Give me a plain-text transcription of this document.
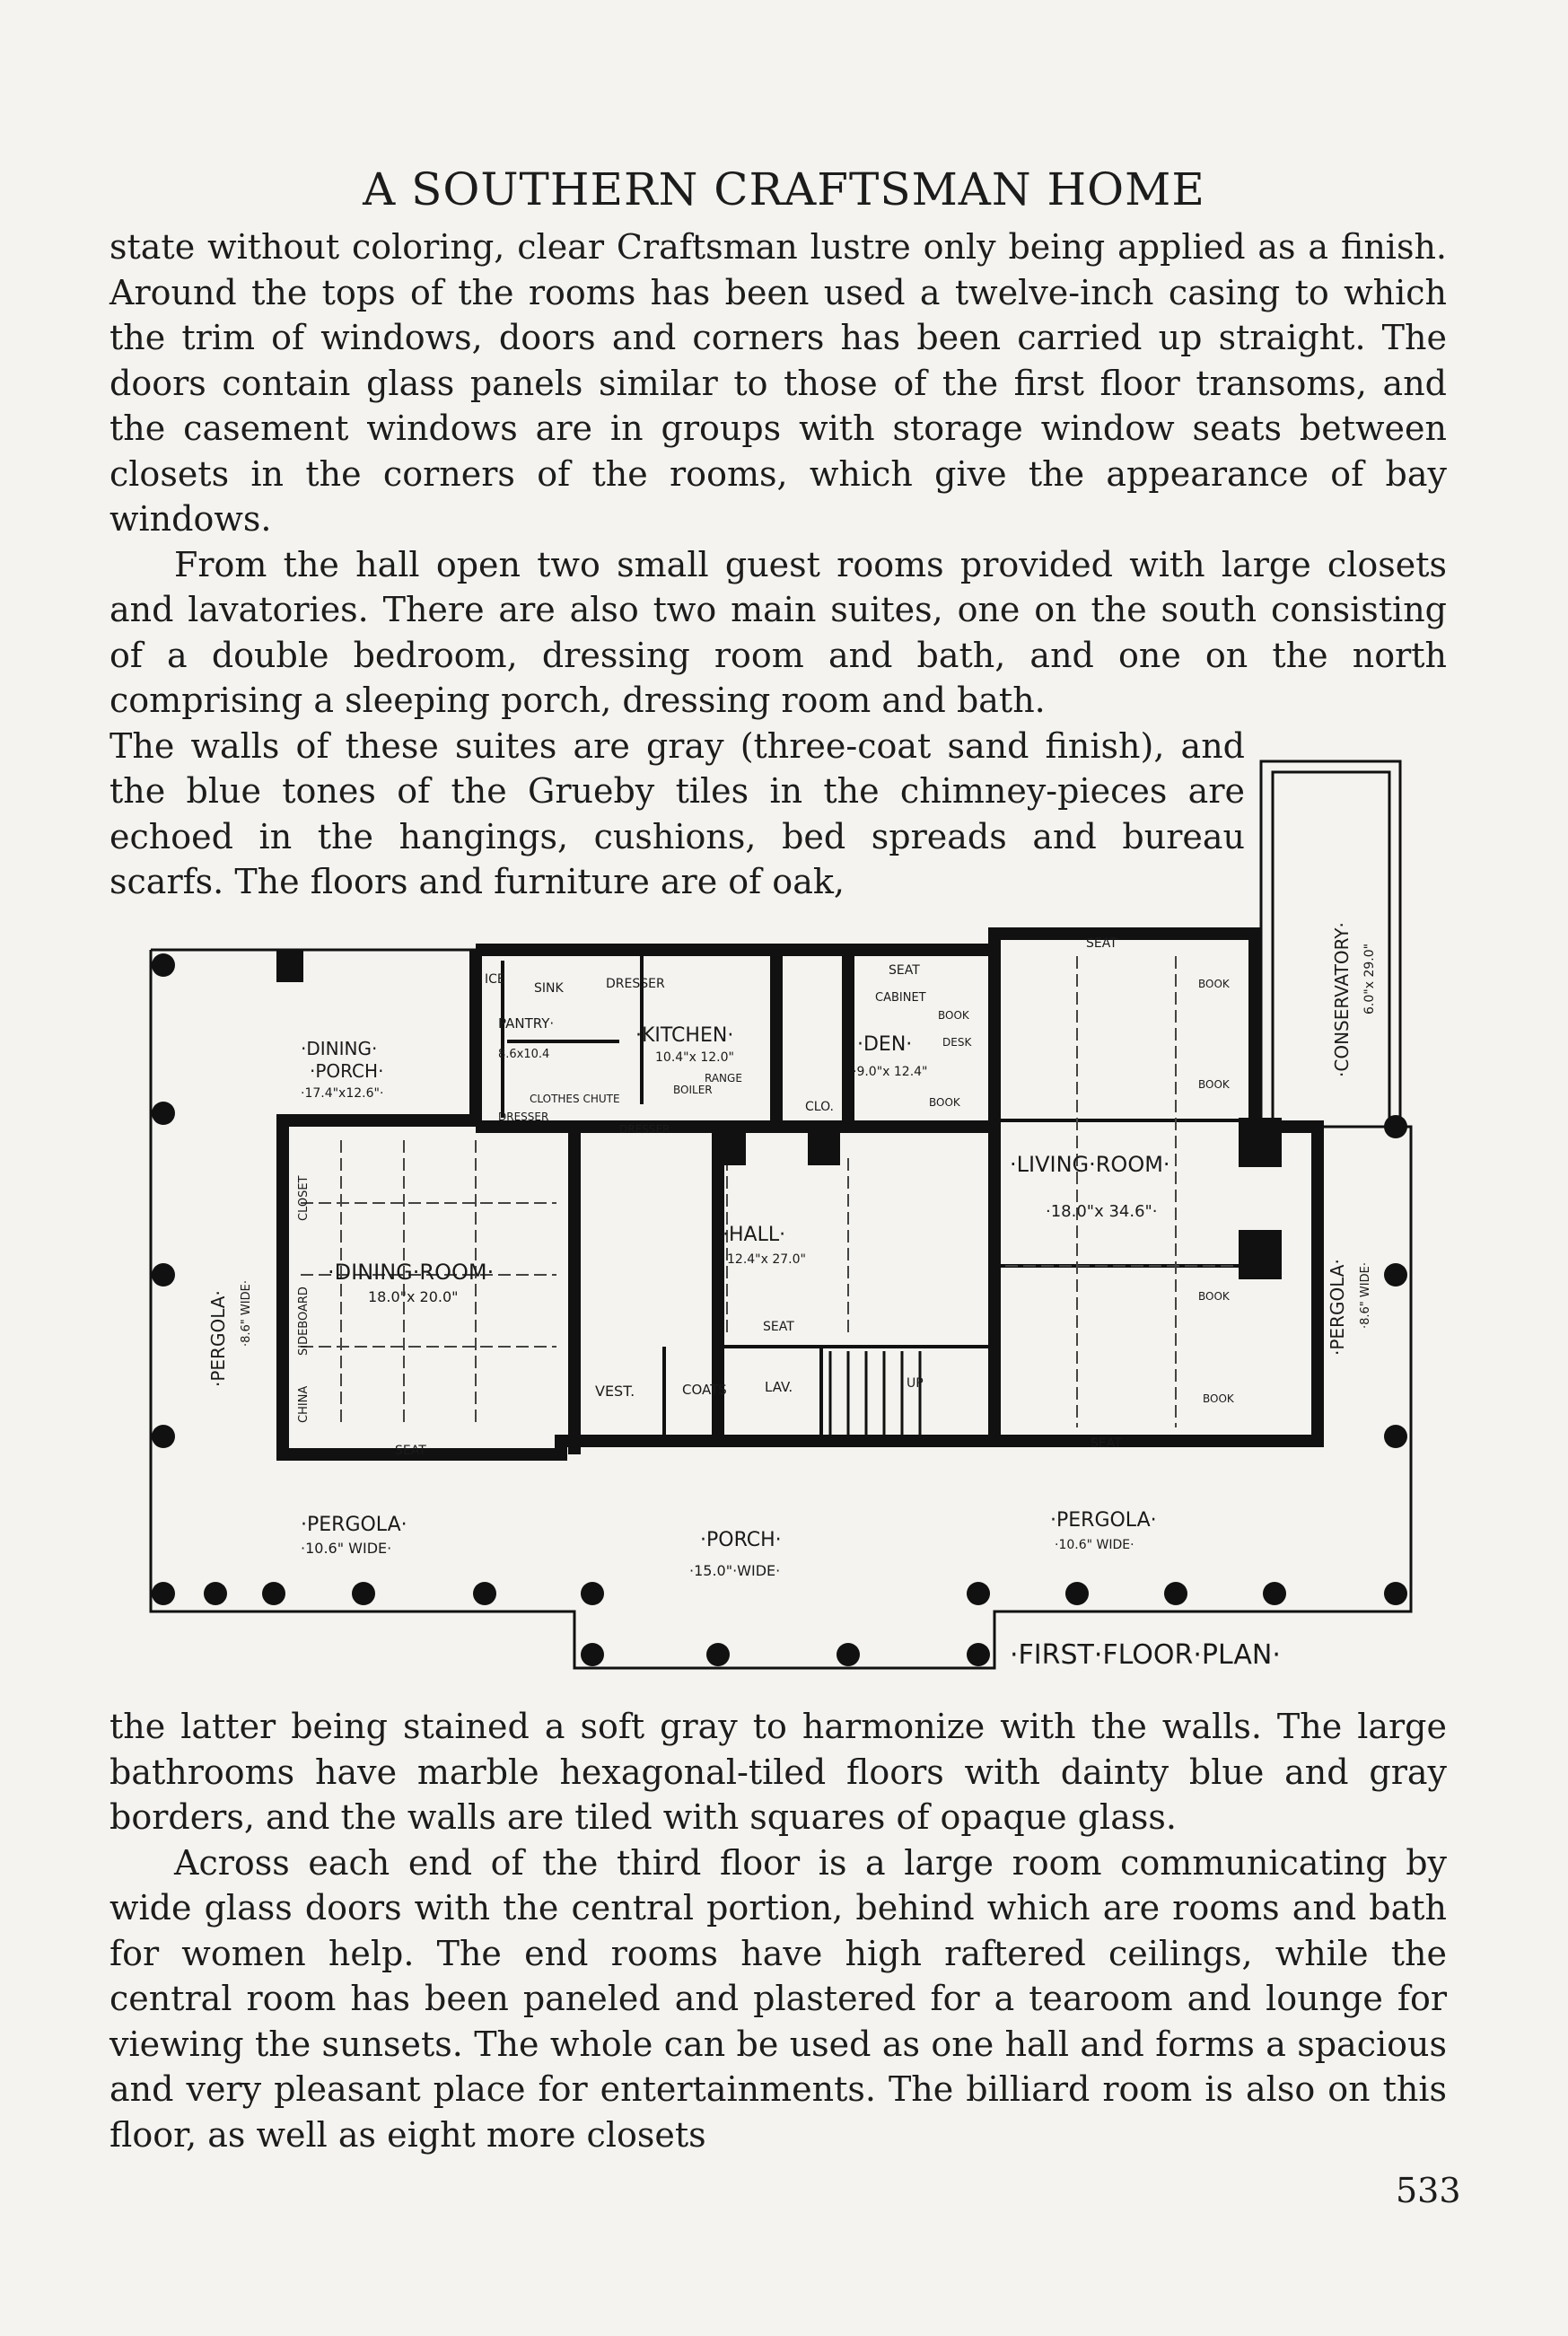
A SOUTHERN CRAFTSMAN HOME

state without coloring, clear Craftsman lustre only being applied as a finish. Around the tops of the rooms has been used a twelve-inch casing to which the trim of windows, doors and corners has been carried up straight. The doors contain glass panels similar to those of the first floor transoms, and the casement windows are in groups with storage window seats between closets in the corners of the rooms, which give the appearance of bay windows.

From the hall open two small guest rooms provided with large closets and lavatories. There are also two main suites, one on the south consisting of a double bedroom, dressing room and bath, and one on the north comprising a sleeping porch, dressing room and bath.

The walls of these suites are gray (three-coat sand finish), and the blue tones of the Grueby tiles in the chimney-pieces are echoed in the hangings, cushions, bed spreads and bureau scarfs. The floors and furniture are of oak,

·DINING·
·PORCH·
·17.4"x12.6"·
ICE
SINK	DRESSER
PANTRY·
8.6x10.4
·KITCHEN·
10.4"x 12.0"
RANGE
BOILER
CLOTHES CHUTE
DRESSER
DRESSER
CLO.
SEAT
CABINET
·DEN·
·9.0"x 12.4"
DESK
BOOK
BOOK
SEAT
BOOK
BOOK
BOOK
BOOK
·LIVING·ROOM·
·18.0"x 34.6"·
·CONSERVATORY· 6.0"x 29.0"
·HALL·
12.4"x 27.0"
SEAT
VEST.	COATS	LAV.	UP
·DINING·ROOM·
18.0"x 20.0"
CLOSET
SIDEBOARD
CHINA
SEAT	SEAT
·PERGOLA· ·8.6" WIDE·	·PERGOLA· ·8.6" WIDE·
·PERGOLA·
·10.6" WIDE·	·PORCH·
·15.0"·WIDE·
·PERGOLA·
·10.6" WIDE·
·FIRST·FLOOR·PLAN·

the latter being stained a soft gray to harmonize with the walls. The large bathrooms have marble hexagonal-tiled floors with dainty blue and gray borders, and the walls are tiled with squares of opaque glass.

Across each end of the third floor is a large room communicating by wide glass doors with the central portion, behind which are rooms and bath for women help. The end rooms have high raftered ceilings, while the central room has been paneled and plastered for a tearoom and lounge for viewing the sunsets. The whole can be used as one hall and forms a spacious and very pleasant place for entertainments. The billiard room is also on this floor, as well as eight more closets

533
